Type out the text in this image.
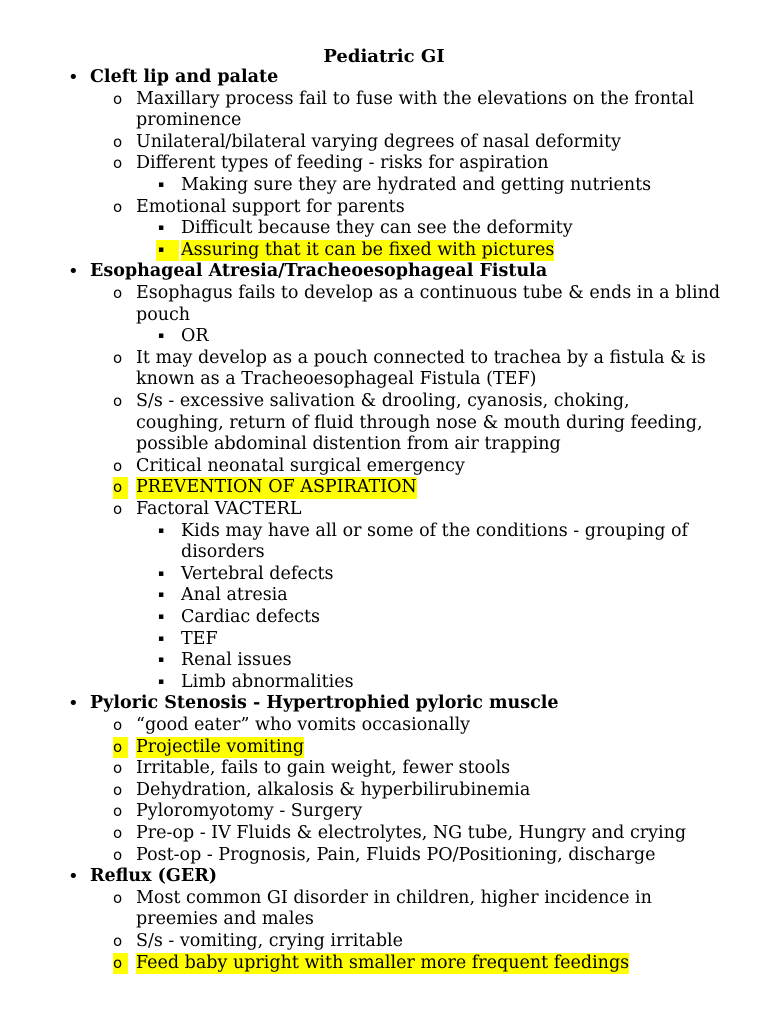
Pediatric GI
• Cleft lip and palate
o Maxillary process fail to fuse with the elevations on the frontal
prominence
o Unilateral/bilateral varying degrees of nasal deformity
o Different types of feeding - risks for aspiration
▪ Making sure they are hydrated and getting nutrients
o Emotional support for parents
▪ Difficult because they can see the deformity
▪ Assuring that it can be fixed with pictures
• Esophageal Atresia/Tracheoesophageal Fistula
o Esophagus fails to develop as a continuous tube & ends in a blind
pouch
▪ OR
o It may develop as a pouch connected to trachea by a fistula & is
known as a Tracheoesophageal Fistula (TEF)
o S/s - excessive salivation & drooling, cyanosis, choking,
coughing, return of fluid through nose & mouth during feeding,
possible abdominal distention from air trapping
o Critical neonatal surgical emergency
o PREVENTION OF ASPIRATION
o Factoral VACTERL
▪ Kids may have all or some of the conditions - grouping of
disorders
▪ Vertebral defects
▪ Anal atresia
▪ Cardiac defects
▪ TEF
▪ Renal issues
▪ Limb abnormalities
• Pyloric Stenosis - Hypertrophied pyloric muscle
o “good eater” who vomits occasionally
o Projectile vomiting
o Irritable, fails to gain weight, fewer stools
o Dehydration, alkalosis & hyperbilirubinemia
o Pyloromyotomy - Surgery
o Pre-op - IV Fluids & electrolytes, NG tube, Hungry and crying
o Post-op - Prognosis, Pain, Fluids PO/Positioning, discharge
• Reflux (GER)
o Most common GI disorder in children, higher incidence in
preemies and males
o S/s - vomiting, crying irritable
o Feed baby upright with smaller more frequent feedings
